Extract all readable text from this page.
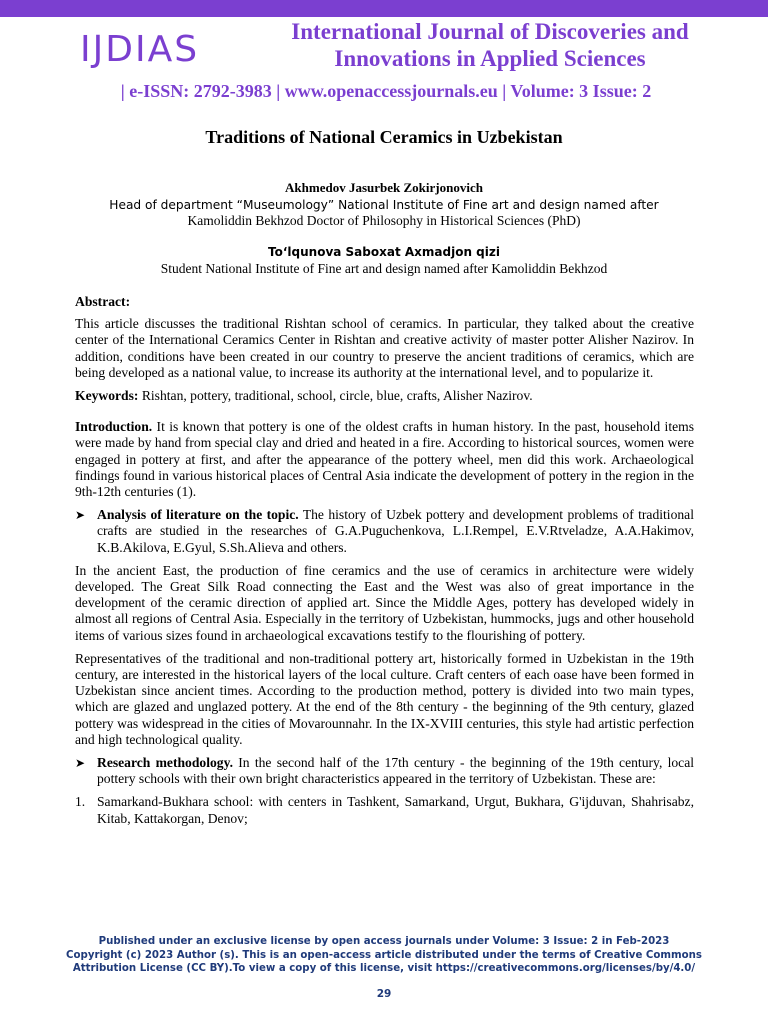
IJDIAS	International Journal of Discoveries and Innovations in Applied Sciences
| e-ISSN: 2792-3983 | www.openaccessjournals.eu | Volume: 3 Issue: 2
Traditions of National Ceramics in Uzbekistan
Akhmedov Jasurbek Zokirjonovich
Head of department “Museumology” National Institute of Fine art and design named after
Kamoliddin Bekhzod Doctor of Philosophy in Historical Sciences (PhD)
To‘lqunova Saboxat Axmadjon qizi
Student National Institute of Fine art and design named after Kamoliddin Bekhzod

Abstract:

This article discusses the traditional Rishtan school of ceramics. In particular, they talked about the creative center of the International Ceramics Center in Rishtan and creative activity of master potter Alisher Nazirov. In addition, conditions have been created in our country to preserve the ancient traditions of ceramics, which are being developed as a national value, to increase its authority at the international level, and to popularize it.

Keywords: Rishtan, pottery, traditional, school, circle, blue, crafts, Alisher Nazirov.

Introduction. It is known that pottery is one of the oldest crafts in human history. In the past, household items were made by hand from special clay and dried and heated in a fire. According to historical sources, women were engaged in pottery at first, and after the appearance of the pottery wheel, men did this work. Archaeological findings found in various historical places of Central Asia indicate the development of pottery in the region in the 9th-12th centuries (1).

➤ Analysis of literature on the topic. The history of Uzbek pottery and development problems of traditional crafts are studied in the researches of G.A.Puguchenkova, L.I.Rempel, E.V.Rtveladze, A.A.Hakimov, K.B.Akilova, E.Gyul, S.Sh.Alieva and others.

In the ancient East, the production of fine ceramics and the use of ceramics in architecture were widely developed. The Great Silk Road connecting the East and the West was also of great importance in the development of the ceramic direction of applied art. Since the Middle Ages, pottery has developed widely in almost all regions of Central Asia. Especially in the territory of Uzbekistan, hummocks, jugs and other household items of various sizes found in archaeological excavations testify to the flourishing of pottery.

Representatives of the traditional and non-traditional pottery art, historically formed in Uzbekistan in the 19th century, are interested in the historical layers of the local culture. Craft centers of each oase have been formed in Uzbekistan since ancient times. According to the production method, pottery is divided into two main types, which are glazed and unglazed pottery. At the end of the 8th century - the beginning of the 9th century, glazed pottery was widespread in the cities of Movarounnahr. In the IX-XVIII centuries, this style had artistic perfection and high technological quality.

➤ Research methodology. In the second half of the 17th century - the beginning of the 19th century, local pottery schools with their own bright characteristics appeared in the territory of Uzbekistan. These are:
1. Samarkand-Bukhara school: with centers in Tashkent, Samarkand, Urgut, Bukhara, G'ijduvan, Shahrisabz, Kitab, Kattakorgan, Denov;
Published under an exclusive license by open access journals under Volume: 3 Issue: 2 in Feb-2023
Copyright (c) 2023 Author (s). This is an open-access article distributed under the terms of Creative Commons
Attribution License (CC BY).To view a copy of this license, visit https://creativecommons.org/licenses/by/4.0/
29
